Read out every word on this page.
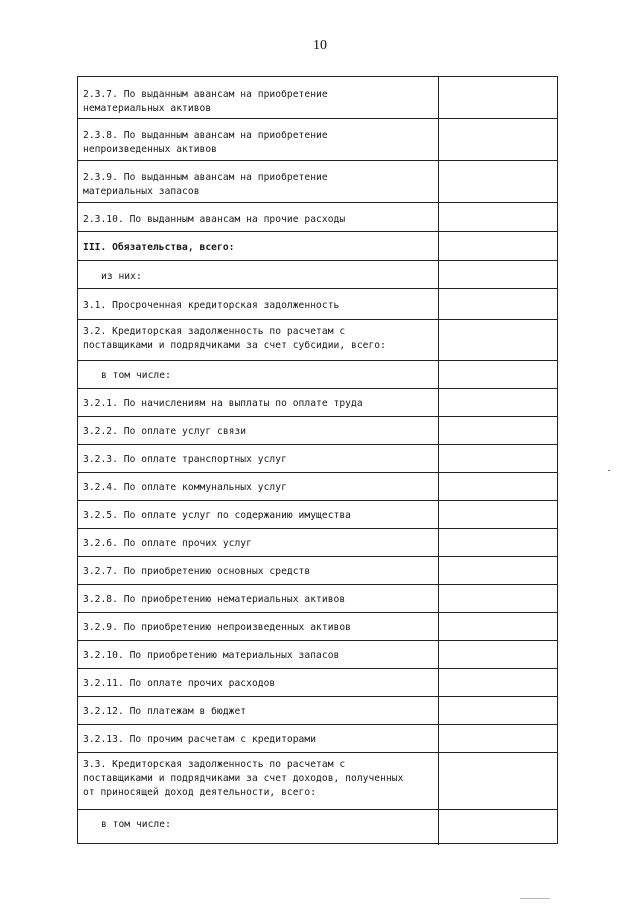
10
2.3.7. По выданным авансам на приобретение
нематериальных активов
2.3.8. По выданным авансам на приобретение
непроизведенных активов
2.3.9. По выданным авансам на приобретение
материальных запасов
2.3.10. По выданным авансам на прочие расходы
III. Обязательства, всего:
из них:
3.1. Просроченная кредиторская задолженность
3.2. Кредиторская задолженность по расчетам с
поставщиками и подрядчиками за счет субсидии, всего:
в том числе:
3.2.1. По начислениям на выплаты по оплате труда
3.2.2. По оплате услуг связи
3.2.3. По оплате транспортных услуг
3.2.4. По оплате коммунальных услуг
3.2.5. По оплате услуг по содержанию имущества
3.2.6. По оплате прочих услуг
3.2.7. По приобретению основных средств
3.2.8. По приобретению нематериальных активов
3.2.9. По приобретению непроизведенных активов
3.2.10. По приобретению материальных запасов
3.2.11. По оплате прочих расходов
3.2.12. По платежам в бюджет
3.2.13. По прочим расчетам с кредиторами
3.3. Кредиторская задолженность по расчетам с
поставщиками и подрядчиками за счет доходов, полученных
от приносящей доход деятельности, всего:
в том числе:
